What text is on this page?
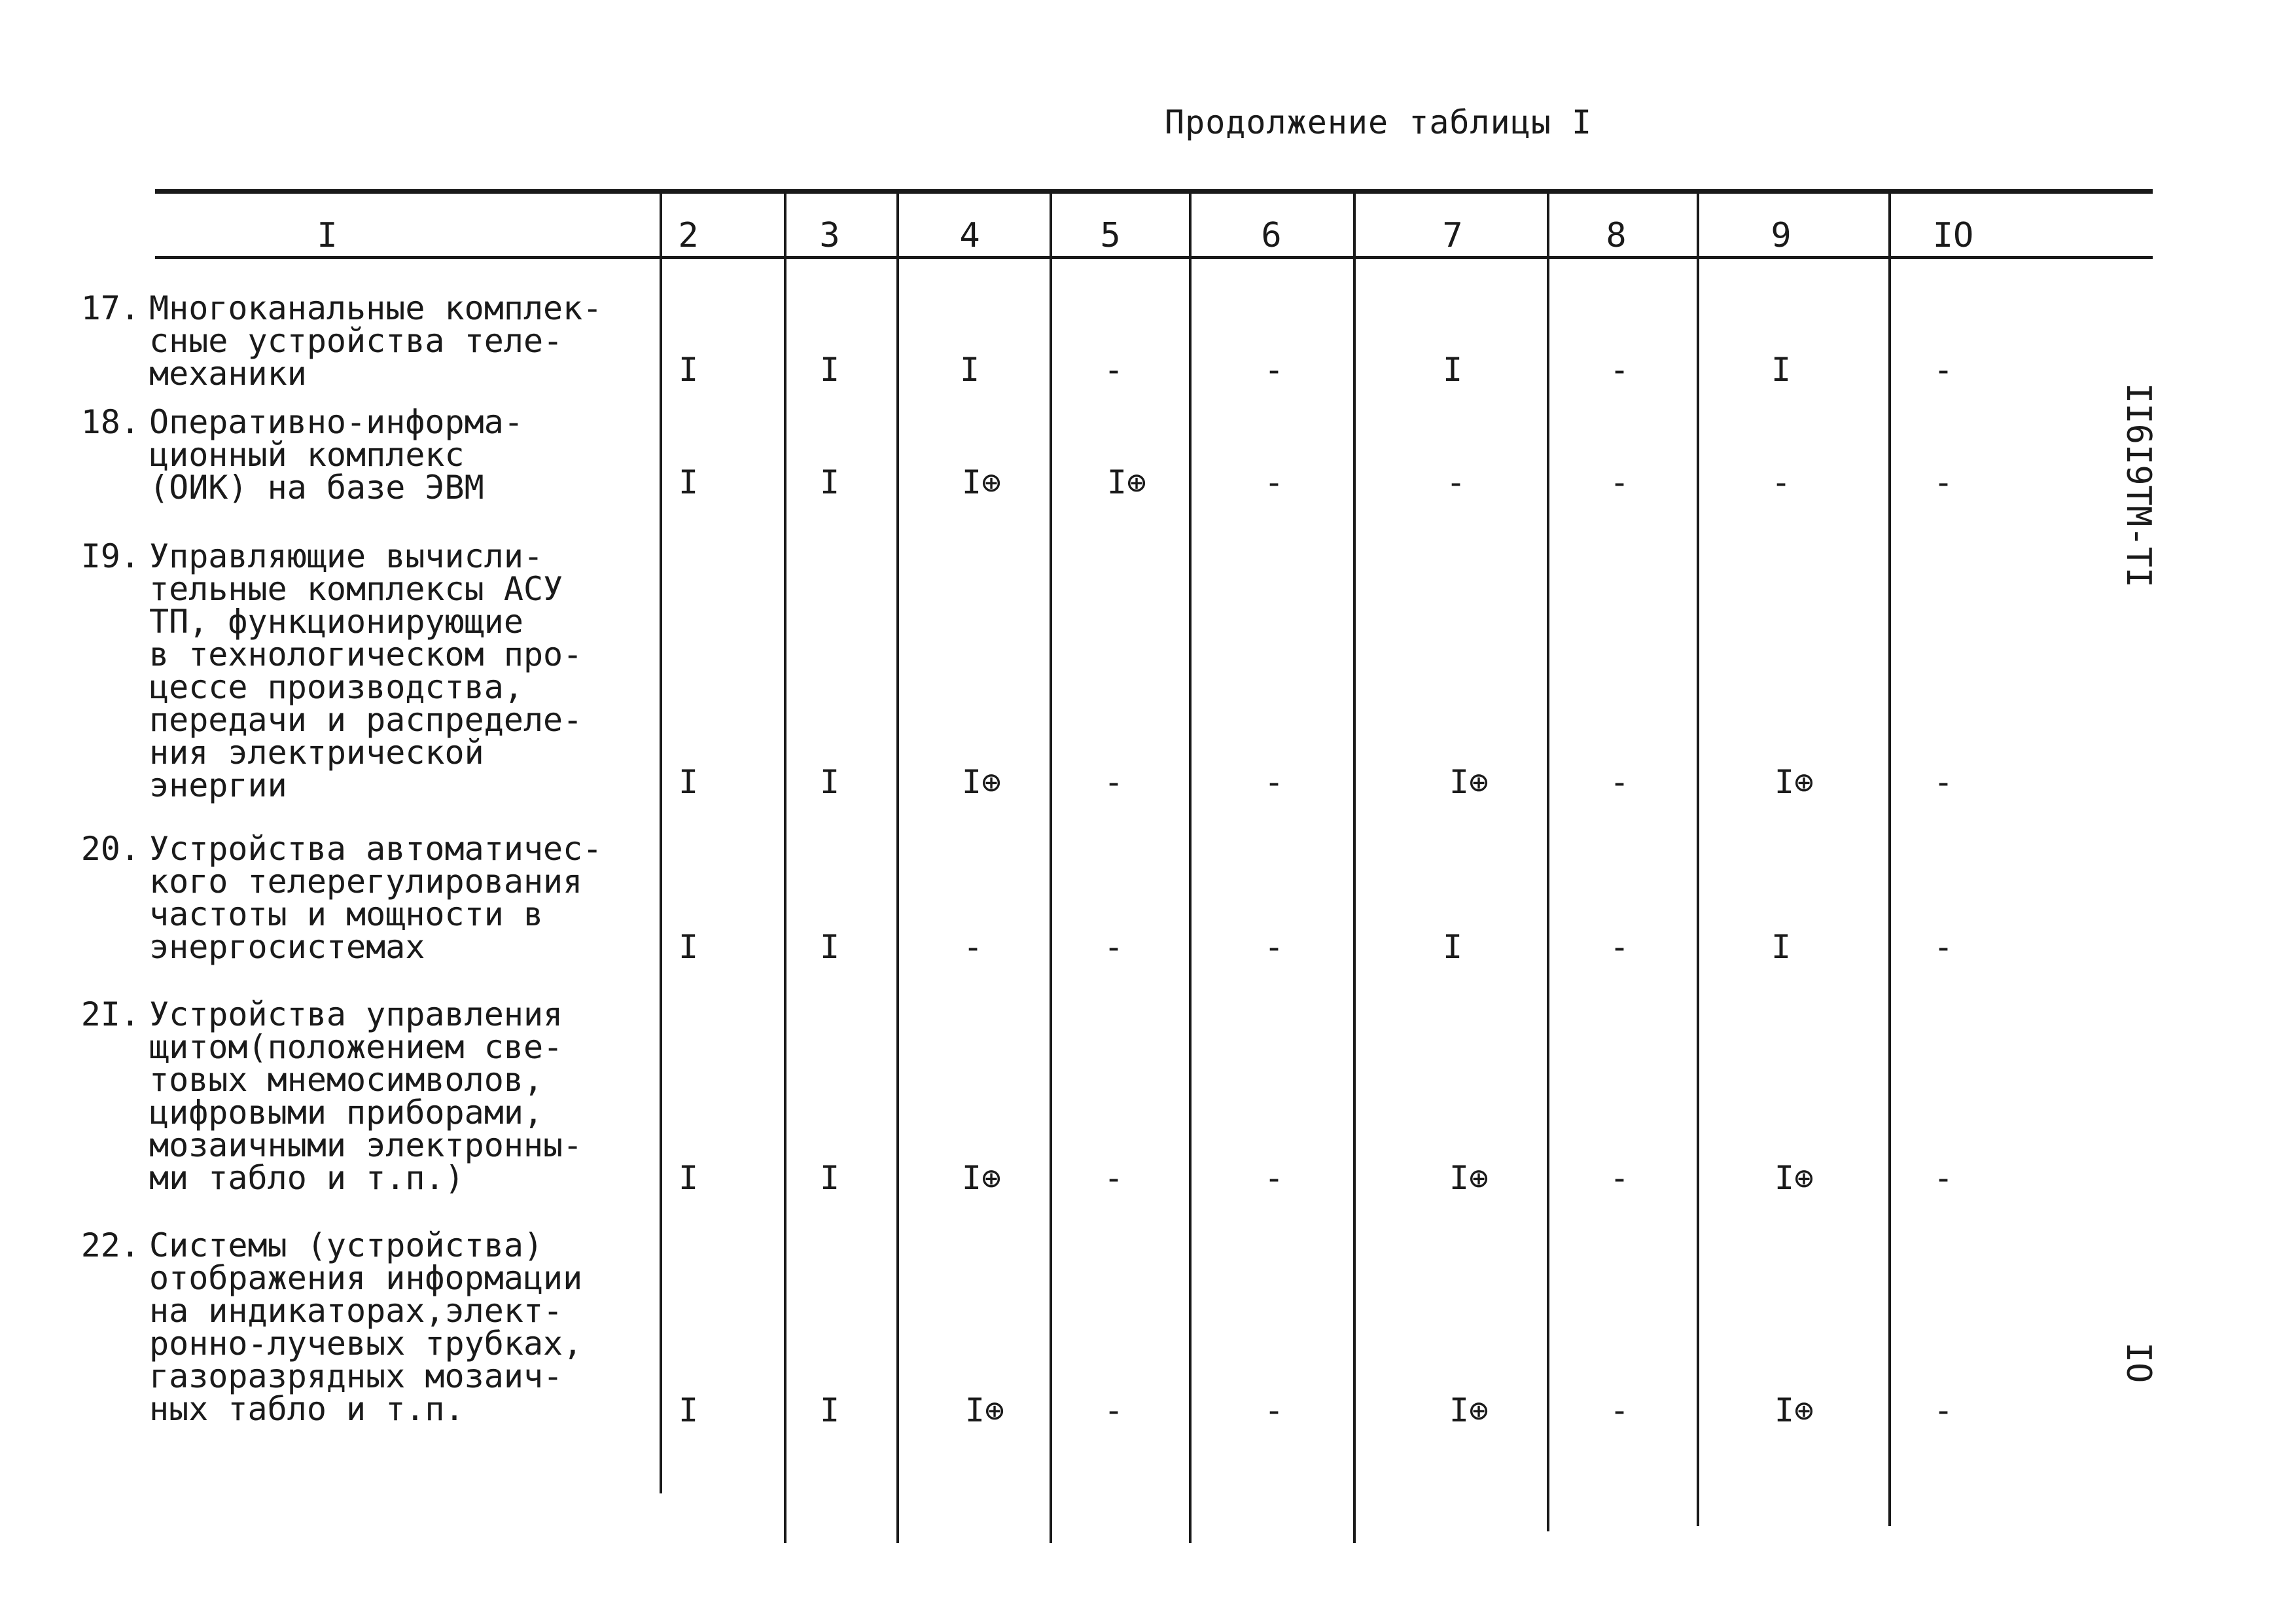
Продолжение таблицы I
I	2	3	4	5	6	7	8	9	IO
17. Многоканальные комплек-
сные устройства теле-
механики	I	I	I	-	-	I	-	I	-
18. Оперативно-информа-
ционный комплекс
(ОИК) на базе ЭВМ	I	I	I⊕	I⊕	-	-	-	-	-
I9. Управляющие вычисли-
тельные комплексы АСУ
ТП, функционирующие
в технологическом про-
цессе производства,
передачи и распределе-
ния электрической
энергии	I	I	I⊕	-	-	I⊕	-	I⊕	-
20. Устройства автоматичес-
кого телерегулирования
частоты и мощности в
энергосистемах	I	I	-	-	-	I	-	I	-
2I. Устройства управления
щитом(положением све-
товых мнемосимволов,
цифровыми приборами,
мозаичными электронны-
ми табло и т.п.)	I	I	I⊕	-	-	I⊕	-	I⊕	-
22. Системы (устройства)
отображения информации
на индикаторах,элект-
ронно-лучевых трубках,
газоразрядных мозаич-
ных табло и т.п.	I	I	I⊕	-	-	I⊕	-	I⊕	-
II6I9TM-TI
IO
